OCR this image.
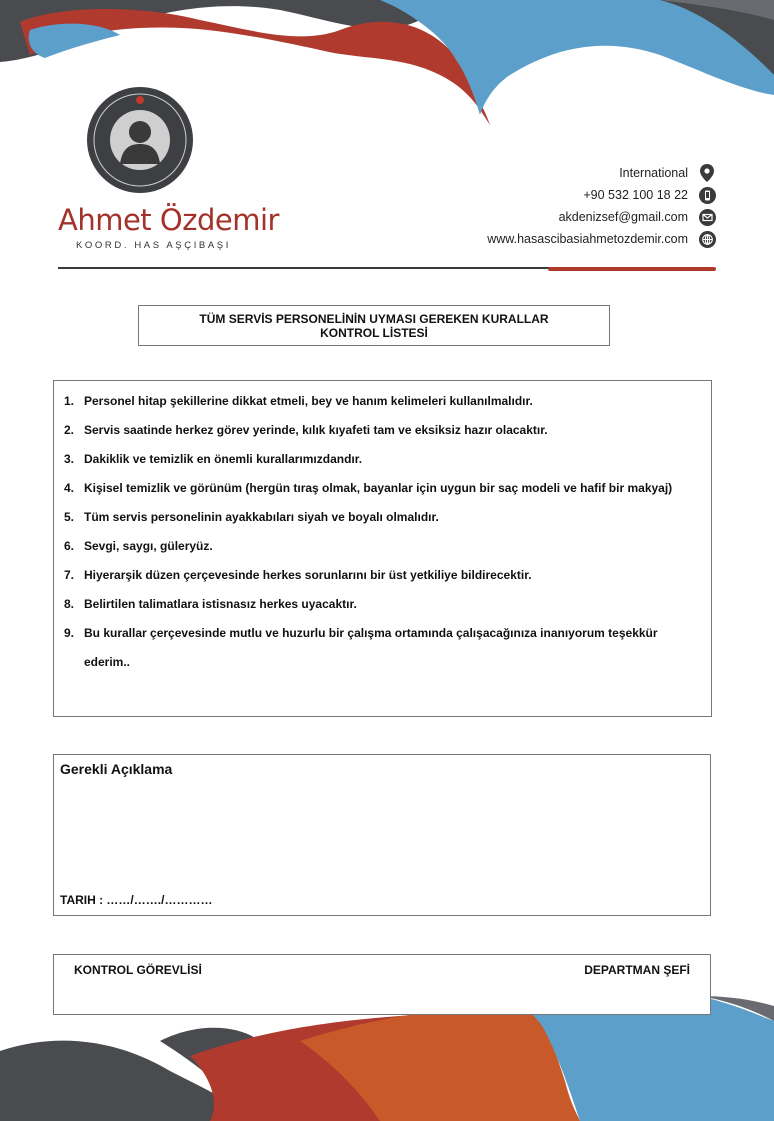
Ahmet Özdemir
KOORD. HAS AŞÇIBAŞI
International
+90 532 100 18 22
akdenizsef@gmail.com
www.hasascibasiahmetozdemir.com
TÜM SERVİS PERSONELİNİN UYMASI GEREKEN KURALLAR
KONTROL LİSTESİ
1. Personel hitap şekillerine dikkat etmeli, bey ve hanım kelimeleri kullanılmalıdır.
2. Servis saatinde herkez görev yerinde, kılık kıyafeti tam ve eksiksiz hazır olacaktır.
3. Dakiklik ve temizlik en önemli kurallarımızdandır.
4. Kişisel temizlik ve görünüm (hergün tıraş olmak, bayanlar için uygun bir saç modeli ve hafif bir makyaj)
5. Tüm servis personelinin ayakkabıları siyah ve boyalı olmalıdır.
6. Sevgi, saygı, güleryüz.
7. Hiyerarşik düzen çerçevesinde herkes sorunlarını bir üst yetkiliye bildirecektir.
8. Belirtilen talimatlara istisnasız herkes uyacaktır.
9. Bu kurallar çerçevesinde mutlu ve huzurlu bir çalışma ortamında çalışacağınıza inanıyorum teşekkür ederim..
Gerekli Açıklama
TARIH : ……/……./…………
KONTROL GÖREVLİSİ	DEPARTMAN ŞEFİ
